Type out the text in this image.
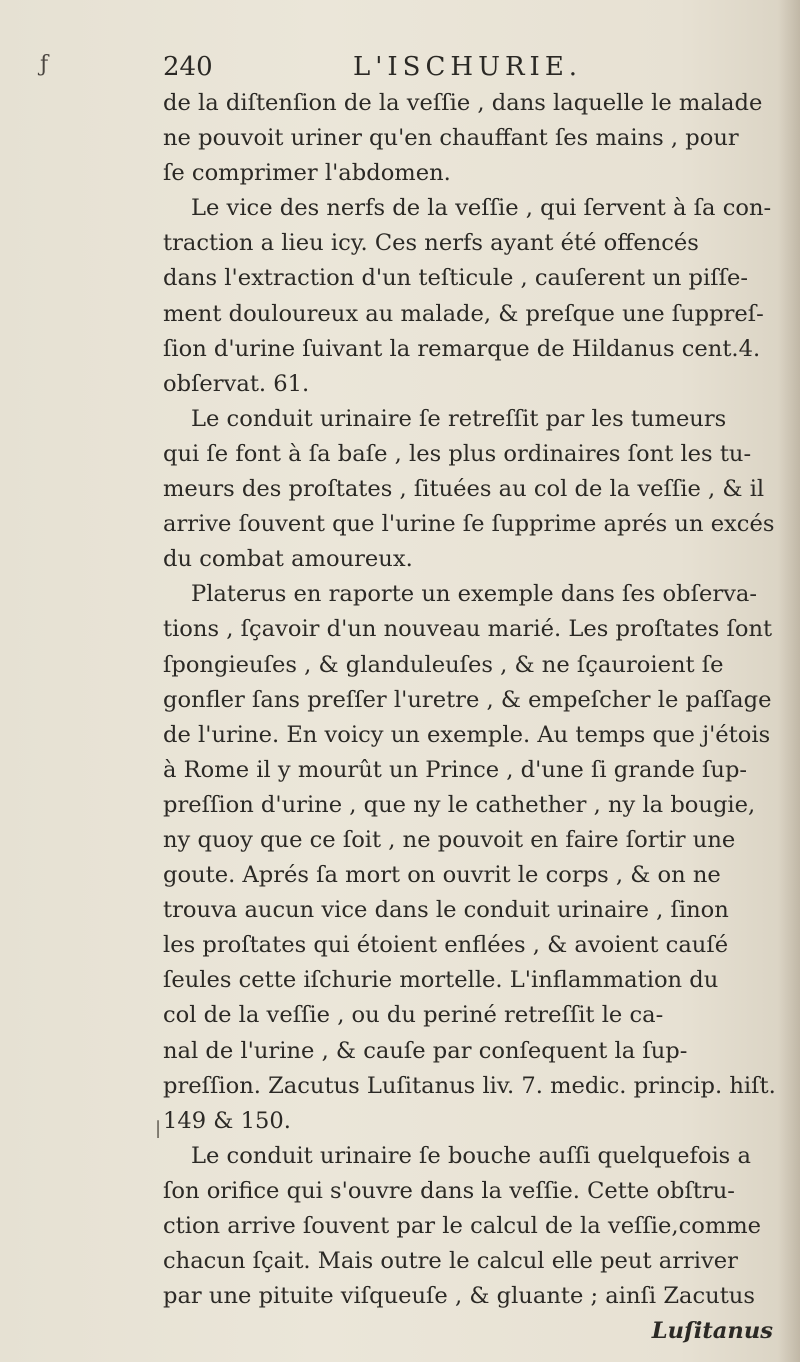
ƒ	240	L'ISCHURIE.
de la diſtenſion de la veſſie , dans laquelle le malade
ne pouvoit uriner qu'en chauffant ſes mains , pour
ſe comprimer l'abdomen.
Le vice des nerfs de la veſſie , qui ſervent à ſa con-
traction a lieu icy. Ces nerfs ayant été offencés
dans l'extraction d'un teſticule , cauſerent un piſſe-
ment douloureux au malade, & preſque une ſuppreſ-
ſion d'urine ſuivant la remarque de Hildanus cent.4.
obſervat. 61.
Le conduit urinaire ſe retreſſit par les tumeurs
qui ſe font à ſa baſe , les plus ordinaires ſont les tu-
meurs des proſtates , ſituées au col de la veſſie , & il
arrive ſouvent que l'urine ſe ſupprime aprés un excés
du combat amoureux.
Platerus en raporte un exemple dans ſes obſerva-
tions , ſçavoir d'un nouveau marié. Les proſtates ſont
ſpongieuſes , & glanduleuſes , & ne ſçauroient ſe
gonfler ſans preſſer l'uretre , & empeſcher le paſſage
de l'urine. En voicy un exemple. Au temps que j'étois
à Rome il y mourût un Prince , d'une ſi grande ſup-
preſſion d'urine , que ny le cathether , ny la bougie,
ny quoy que ce ſoit , ne pouvoit en faire ſortir une
goute. Aprés ſa mort on ouvrit le corps , & on ne
trouva aucun vice dans le conduit urinaire , ſinon
les proſtates qui étoient enflées , & avoient cauſé
ſeules cette iſchurie mortelle. L'inflammation du
col de la veſſie , ou du periné retreſſit le ca-
nal de l'urine , & cauſe par conſequent la ſup-
preſſion. Zacutus Luſitanus liv. 7. medic. princip. hiſt.
149 & 150.
Le conduit urinaire ſe bouche auſſi quelquefois a
ſon orifice qui s'ouvre dans la veſſie. Cette obſtru-
ction arrive ſouvent par le calcul de la veſſie,comme
chacun ſçait. Mais outre le calcul elle peut arriver
par une pituite viſqueuſe , & gluante ; ainſi Zacutus
Luſitanus
|
